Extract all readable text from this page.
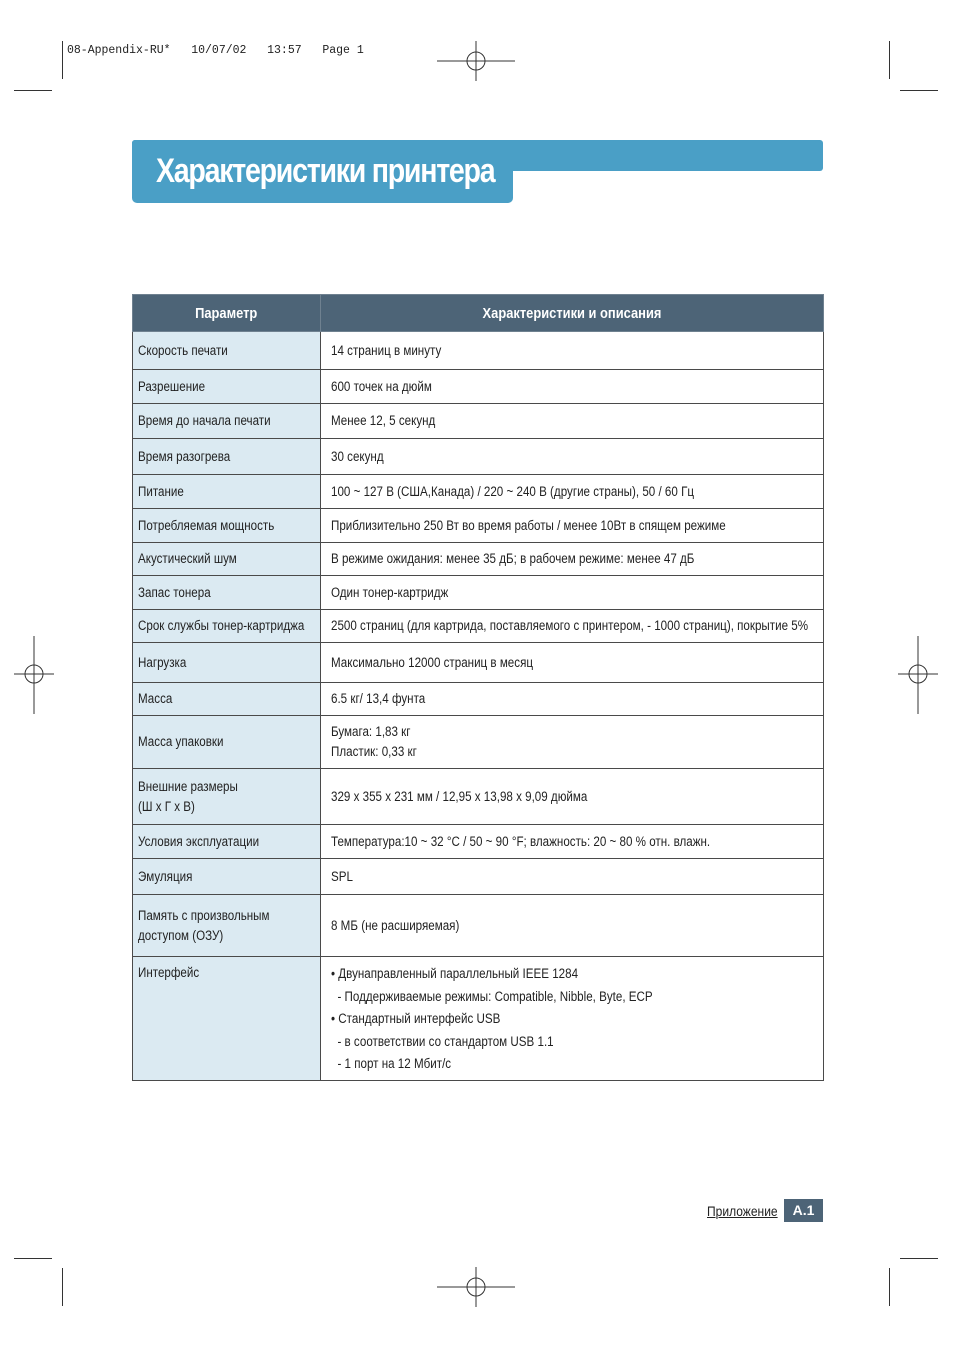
08-Appendix-RU*   10/07/02   13:57   Page 1
Характеристики принтера
Параметр	Характеристики и описания

Скорость печати	14 страниц в минуту

Разрешение	600 точек на дюйм

Время до начала печати	Менее 12, 5 секунд

Время разогрева	30 секунд

Питание	100 ~ 127 В (США,Канада) / 220 ~ 240 В (другие страны), 50 / 60 Гц

Потребляемая мощность	Приблизительно 250 Вт во время работы / менее 10Вт в спящем режиме

Акустический шум	В режиме ожидания: менее 35 дБ; в рабочем режиме: менее 47 дБ

Запас тонера	Один тонер-картридж

Срок службы тонер-картриджа	2500 страниц (для картрида, поставляемого с принтером, - 1000 страниц), покрытие 5%

Нагрузка	Максимально 12000 страниц в месяц

Масса	6.5 кг/ 13,4 фунта

Масса упаковки	Бумага: 1,83 кг
Пластик: 0,33 кг

Внешние размеры
(Ш x Г x В)	329 x 355 x 231 мм / 12,95 x 13,98 x 9,09 дюйма

Условия эксплуатации	Температура:10 ~ 32 °C / 50 ~ 90 °F; влажность: 20 ~ 80 % отн. влажн.

Эмуляция	SPL

Память с произвольным
доступом (ОЗУ)	8 МБ (не расширяемая)

Интерфейс	• Двунаправленный параллельный IEEE 1284
- Поддерживаемые режимы: Compatible, Nibble, Byte, ECP
• Стандартный интерфейс USB
- в соответствии со стандартом USB 1.1
- 1 порт на 12 Мбит/с
Приложение	A.1
